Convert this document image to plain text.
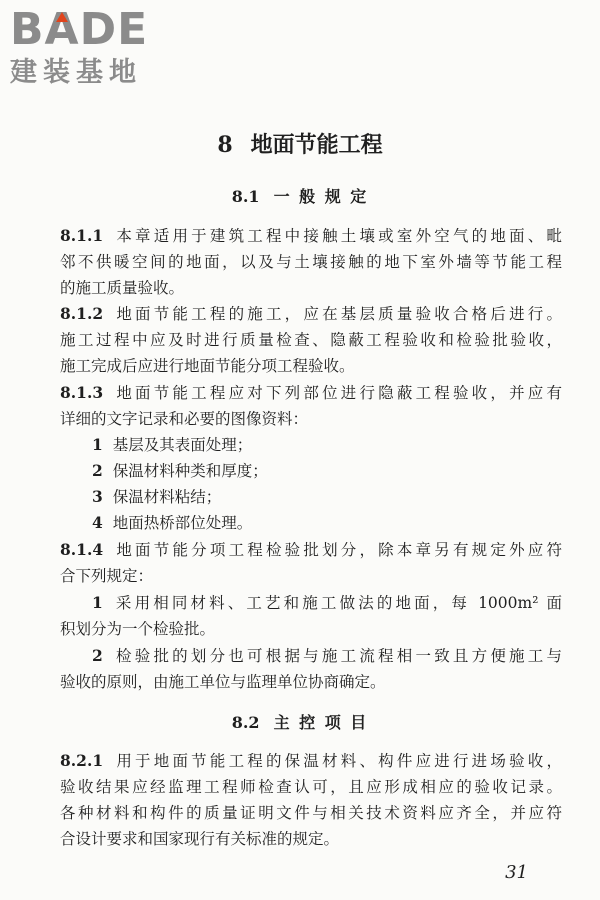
B A DE
建装基地
8 地面节能工程
8.1 一 般 规 定
8.1.1 本章适用于建筑工程中接触土壤或室外空气的地面、毗
邻不供暖空间的地面，以及与土壤接触的地下室外墙等节能工程
的施工质量验收。
8.1.2 地面节能工程的施工，应在基层质量验收合格后进行。
施工过程中应及时进行质量检查、隐蔽工程验收和检验批验收，
施工完成后应进行地面节能分项工程验收。
8.1.3 地面节能工程应对下列部位进行隐蔽工程验收，并应有
详细的文字记录和必要的图像资料：
1 基层及其表面处理；
2 保温材料种类和厚度；
3 保温材料粘结；
4 地面热桥部位处理。
8.1.4 地面节能分项工程检验批划分，除本章另有规定外应符
合下列规定：
1 采用相同材料、工艺和施工做法的地面，每 1000m² 面
积划分为一个检验批。
2 检验批的划分也可根据与施工流程相一致且方便施工与
验收的原则，由施工单位与监理单位协商确定。
8.2 主 控 项 目
8.2.1 用于地面节能工程的保温材料、构件应进行进场验收，
验收结果应经监理工程师检查认可，且应形成相应的验收记录。
各种材料和构件的质量证明文件与相关技术资料应齐全，并应符
合设计要求和国家现行有关标准的规定。
31
